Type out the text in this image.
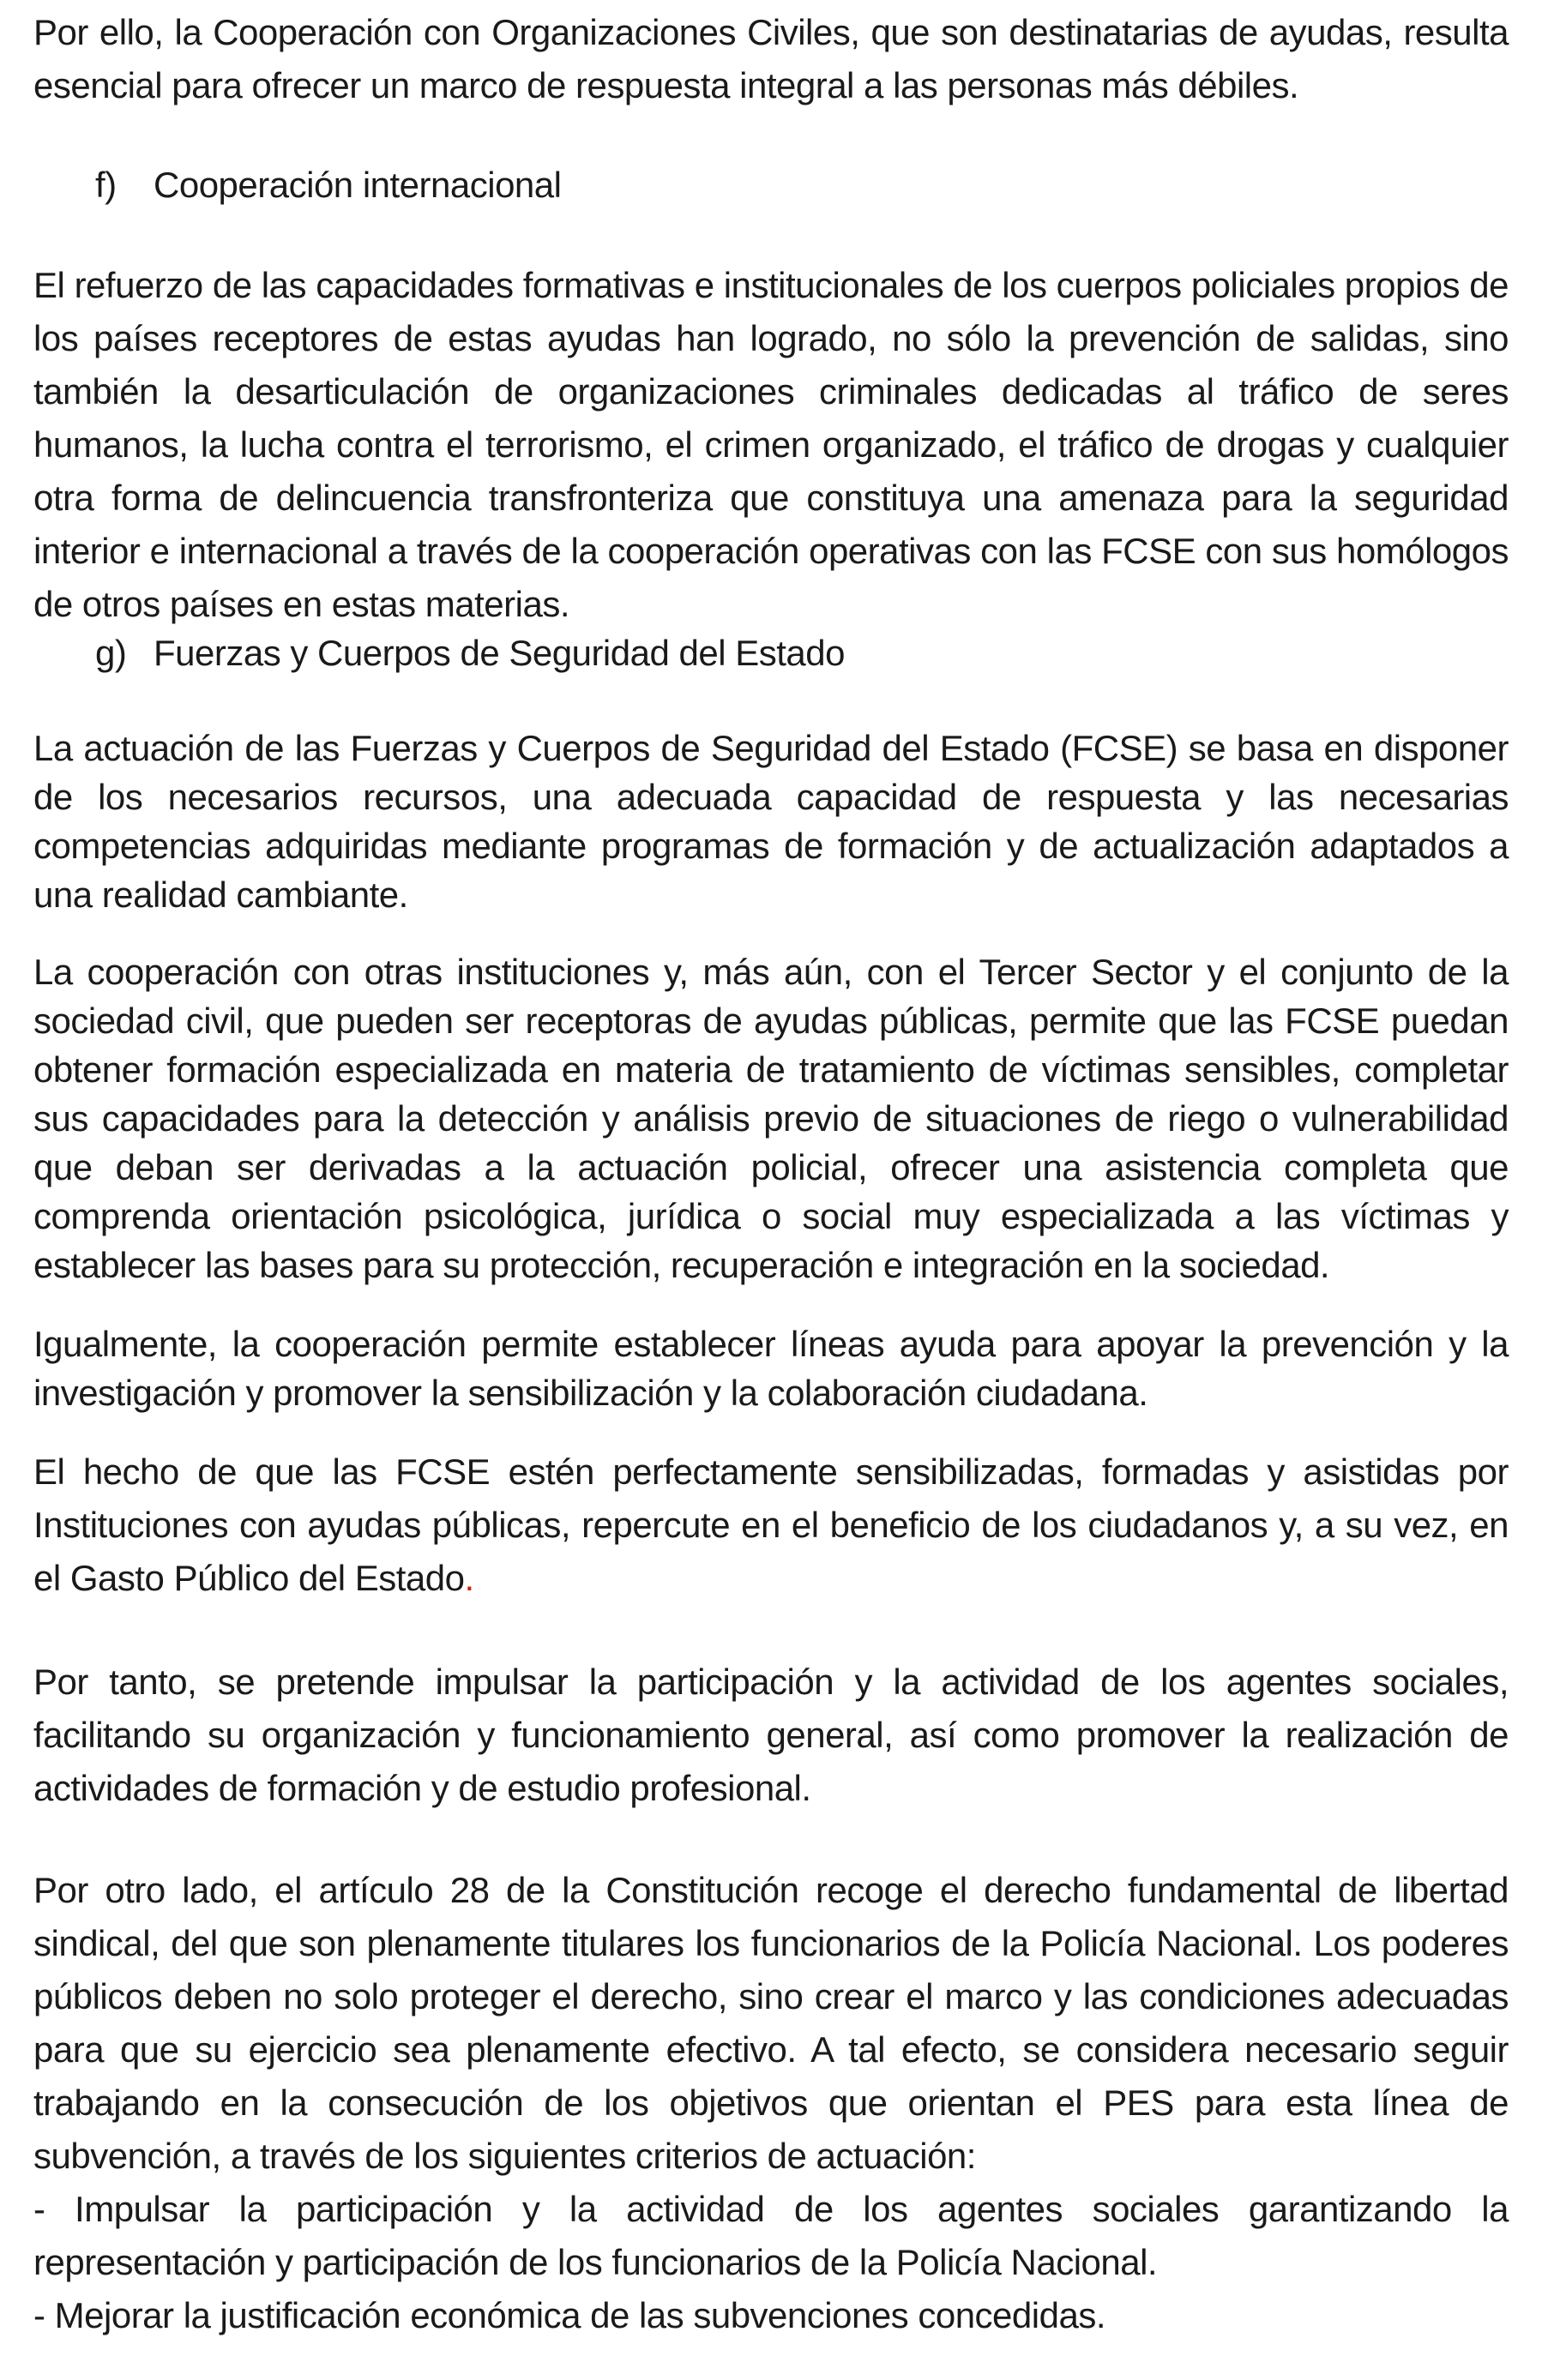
Por ello, la Cooperación con Organizaciones Civiles, que son destinatarias de ayudas, resulta esencial para ofrecer un marco de respuesta integral a las personas más débiles.

f) Cooperación internacional

El refuerzo de las capacidades formativas e institucionales de los cuerpos policiales propios de los países receptores de estas ayudas han logrado, no sólo la prevención de salidas, sino también la desarticulación de organizaciones criminales dedicadas al tráfico de seres humanos, la lucha contra el terrorismo, el crimen organizado, el tráfico de drogas y cualquier otra forma de delincuencia transfronteriza que constituya una amenaza para la seguridad interior e internacional a través de la cooperación operativas con las FCSE con sus homólogos de otros países en estas materias.

g) Fuerzas y Cuerpos de Seguridad del Estado

La actuación de las Fuerzas y Cuerpos de Seguridad del Estado (FCSE) se basa en disponer de los necesarios recursos, una adecuada capacidad de respuesta y las necesarias competencias adquiridas mediante programas de formación y de actualización adaptados a una realidad cambiante.

La cooperación con otras instituciones y, más aún, con el Tercer Sector y el conjunto de la sociedad civil, que pueden ser receptoras de ayudas públicas, permite que las FCSE puedan obtener formación especializada en materia de tratamiento de víctimas sensibles, completar sus capacidades para la detección y análisis previo de situaciones de riego o vulnerabilidad que deban ser derivadas a la actuación policial, ofrecer una asistencia completa que comprenda orientación psicológica, jurídica o social muy especializada a las víctimas y establecer las bases para su protección, recuperación e integración en la sociedad.

Igualmente, la cooperación permite establecer líneas ayuda para apoyar la prevención y la investigación y promover la sensibilización y la colaboración ciudadana.

El hecho de que las FCSE estén perfectamente sensibilizadas, formadas y asistidas por Instituciones con ayudas públicas, repercute en el beneficio de los ciudadanos y, a su vez, en el Gasto Público del Estado.

Por tanto, se pretende impulsar la participación y la actividad de los agentes sociales, facilitando su organización y funcionamiento general, así como promover la realización de actividades de formación y de estudio profesional.

Por otro lado, el artículo 28 de la Constitución recoge el derecho fundamental de libertad sindical, del que son plenamente titulares los funcionarios de la Policía Nacional. Los poderes públicos deben no solo proteger el derecho, sino crear el marco y las condiciones adecuadas para que su ejercicio sea plenamente efectivo. A tal efecto, se considera necesario seguir trabajando en la consecución de los objetivos que orientan el PES para esta línea de subvención, a través de los siguientes criterios de actuación:
- Impulsar la participación y la actividad de los agentes sociales garantizando la representación y participación de los funcionarios de la Policía Nacional.
- Mejorar la justificación económica de las subvenciones concedidas.
